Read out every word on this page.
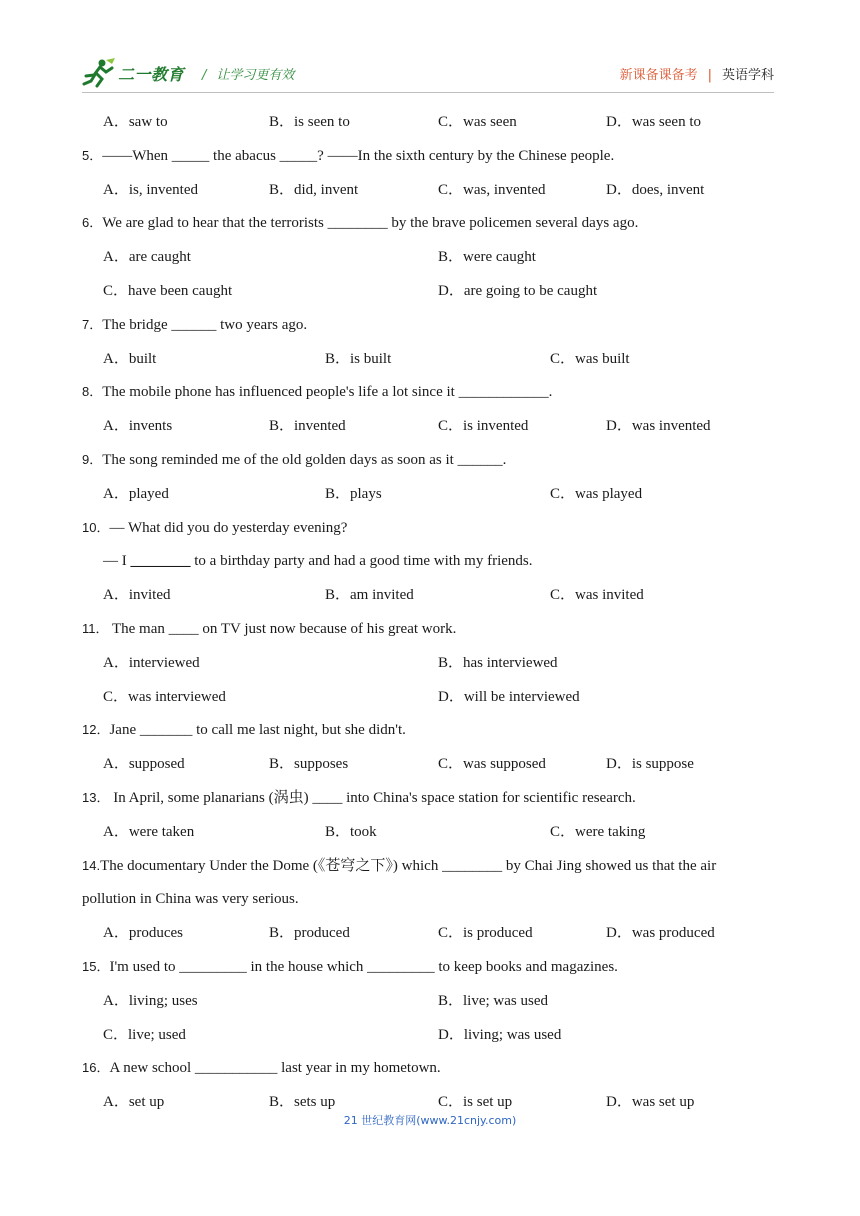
二一教育 / 让学习更有效	新课备课备考 | 英语学科
A．saw to	B．is seen to	C．was seen	D．was seen to
5．——When _____ the abacus _____? ——In the sixth century by the Chinese people.
A．is, invented	B．did, invent	C．was, invented	D．does, invent
6．We are glad to hear that the terrorists ________ by the brave policemen several days ago.
A．are caught	B．were caught
C．have been caught	D．are going to be caught
7．The bridge ______ two years ago.
A．built	B．is built	C．was built
8．The mobile phone has influenced people's life a lot since it ____________.
A．invents	B．invented	C．is invented	D．was invented
9．The song reminded me of the old golden days as soon as it ______.
A．played	B．plays	C．was played
10．— What did you do yesterday evening?
— I ________ to a birthday party and had a good time with my friends.
A．invited	B．am invited	C．was invited
11． The man ____ on TV just now because of his great work.
A．interviewed	B．has interviewed
C．was interviewed	D．will be interviewed
12．Jane _______ to call me last night, but she didn't.
A．supposed	B．supposes	C．was supposed	D．is suppose
13． In April, some planarians (涡虫) ____ into China's space station for scientific research.
A．were taken	B．took	C．were taking
14.The documentary Under the Dome (《苍穹之下》) which ________ by Chai Jing showed us that the air
pollution in China was very serious.
A．produces	B．produced	C．is produced	D．was produced
15．I'm used to _________ in the house which _________ to keep books and magazines.
A．living; uses	B．live; was used
C．live; used	D．living; was used
16．A new school ___________ last year in my hometown.
A．set up	B．sets up	C．is set up	D．was set up
21 世纪教育网(www.21cnjy.com)
